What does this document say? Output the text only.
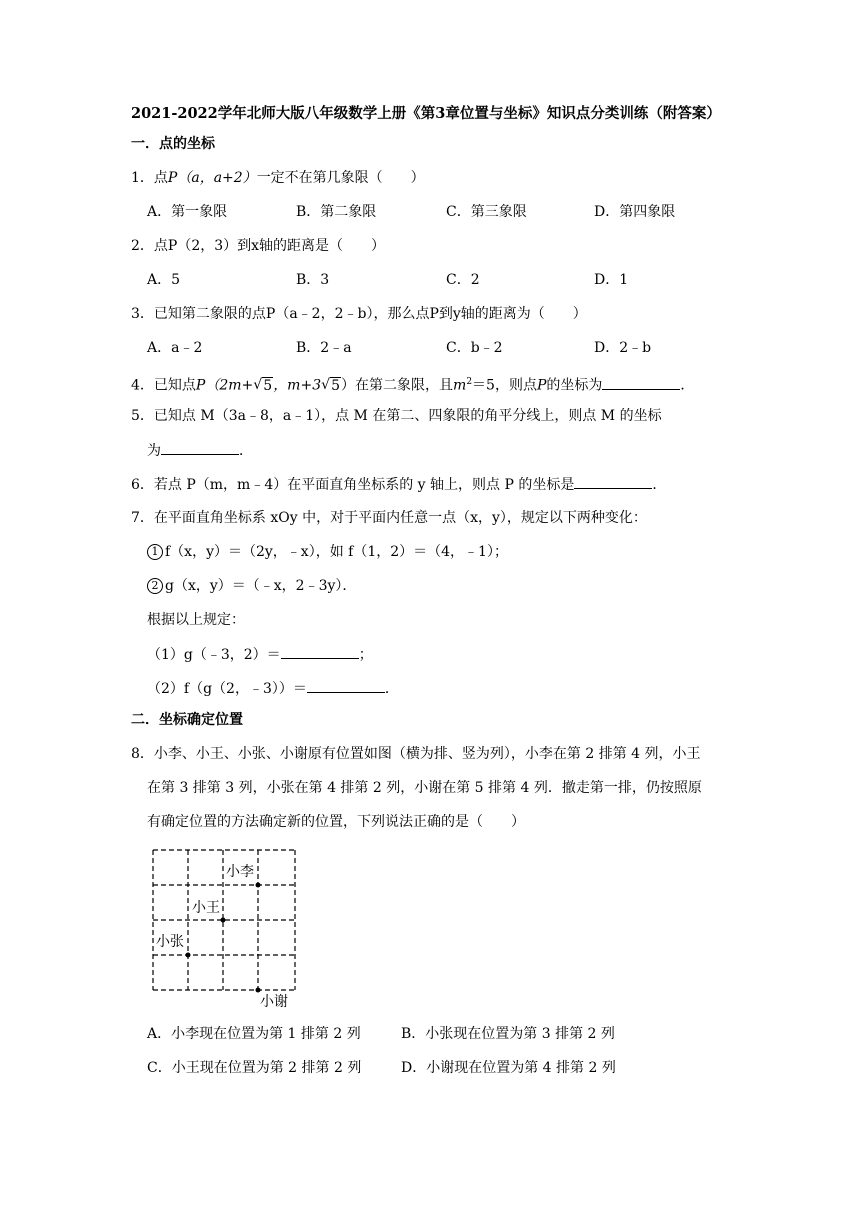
2021-2022学年北师大版八年级数学上册《第3章位置与坐标》知识点分类训练（附答案）
一．点的坐标
1．点P（a，a+2）一定不在第几象限（　　）
A．第一象限	B．第二象限	C．第三象限	D．第四象限
2．点P（2，3）到x轴的距离是（　　）
A．5	B．3	C．2	D．1
3．已知第二象限的点P（a﹣2，2﹣b），那么点P到y轴的距离为（　　）
A．a﹣2	B．2﹣a	C．b﹣2	D．2﹣b
4．已知点P（2m+ √ 5，m+3 √ 5）在第二象限，且$m^2=5$，则点P的坐标为	．
5．已知点 M（3a﹣8，a﹣1），点 M 在第二、四象限的角平分线上，则点 M 的坐标
为	．
6．若点 P（m，m﹣4）在平面直角坐标系的 y 轴上，则点 P 的坐标是	．
7．在平面直角坐标系 xOy 中，对于平面内任意一点（x，y），规定以下两种变化：
1 f（x，y）＝（2y，﹣x），如 f（1，2）＝（4，﹣1）；
2 g（x，y）＝（﹣x，2﹣3y）．
根据以上规定：
（1）g（﹣3，2）＝	；
（2）f（g（2，﹣3））＝	．
二．坐标确定位置
8．小李、小王、小张、小谢原有位置如图（横为排、竖为列），小李在第 2 排第 4 列，小王
在第 3 排第 3 列，小张在第 4 排第 2 列，小谢在第 5 排第 4 列．撤走第一排，仍按照原
有确定位置的方法确定新的位置，下列说法正确的是（　　）
小李
小王
小张
小谢
A．小李现在位置为第 1 排第 2 列	B．小张现在位置为第 3 排第 2 列
C．小王现在位置为第 2 排第 2 列	D．小谢现在位置为第 4 排第 2 列
